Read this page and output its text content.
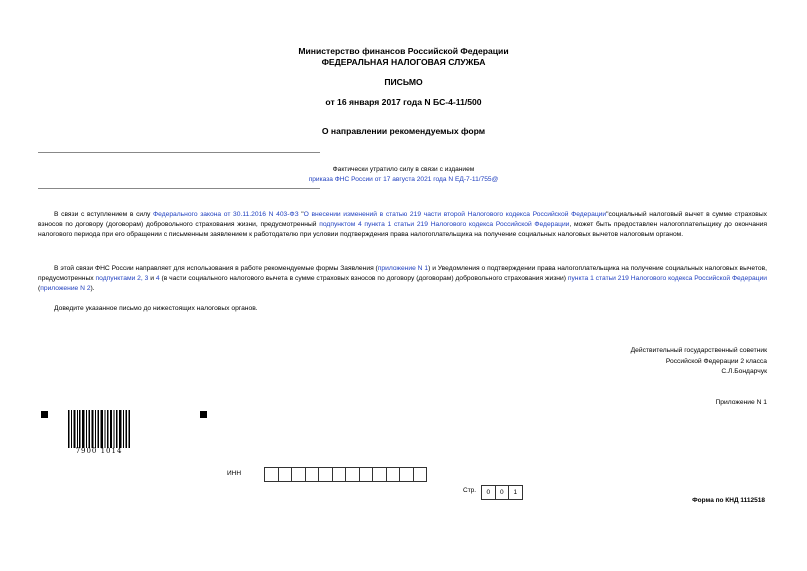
Министерство финансов Российской Федерации
ФЕДЕРАЛЬНАЯ НАЛОГОВАЯ СЛУЖБА
ПИСЬМО
от 16 января 2017 года N БС-4-11/500
О направлении рекомендуемых форм
Фактически утратило силу в связи с изданием
приказа ФНС России от 17 августа 2021 года N ЕД-7-11/755@
В связи с вступлением в силу Федерального закона от 30.11.2016 N 403-ФЗ "О внесении изменений в статью 219 части второй Налогового кодекса Российской Федерации"социальный налоговый вычет в сумме страховых взносов по договору (договорам) добровольного страхования жизни, предусмотренный подпунктом 4 пункта 1 статьи 219 Налогового кодекса Российской Федерации, может быть предоставлен налогоплательщику до окончания налогового периода при его обращении с письменным заявлением к работодателю при условии подтверждения права налогоплательщика на получение социальных налоговых вычетов налоговым органом.
В этой связи ФНС России направляет для использования в работе рекомендуемые формы Заявления (приложение N 1) и Уведомления о подтверждении права налогоплательщика на получение социальных налоговых вычетов, предусмотренных подпунктами 2, 3 и 4 (в части социального налогового вычета в сумме страховых взносов по договору (договорам) добровольного страхования жизни) пункта 1 статьи 219 Налогового кодекса Российской Федерации (приложение N 2).
Доведите указанное письмо до нижестоящих налоговых органов.
Действительный государственный советник
Российской Федерации 2 класса
С.Л.Бондарчук
Приложение N 1
7900 1014
ИНН
Стр.	0	0	1
Форма по КНД 1112518
